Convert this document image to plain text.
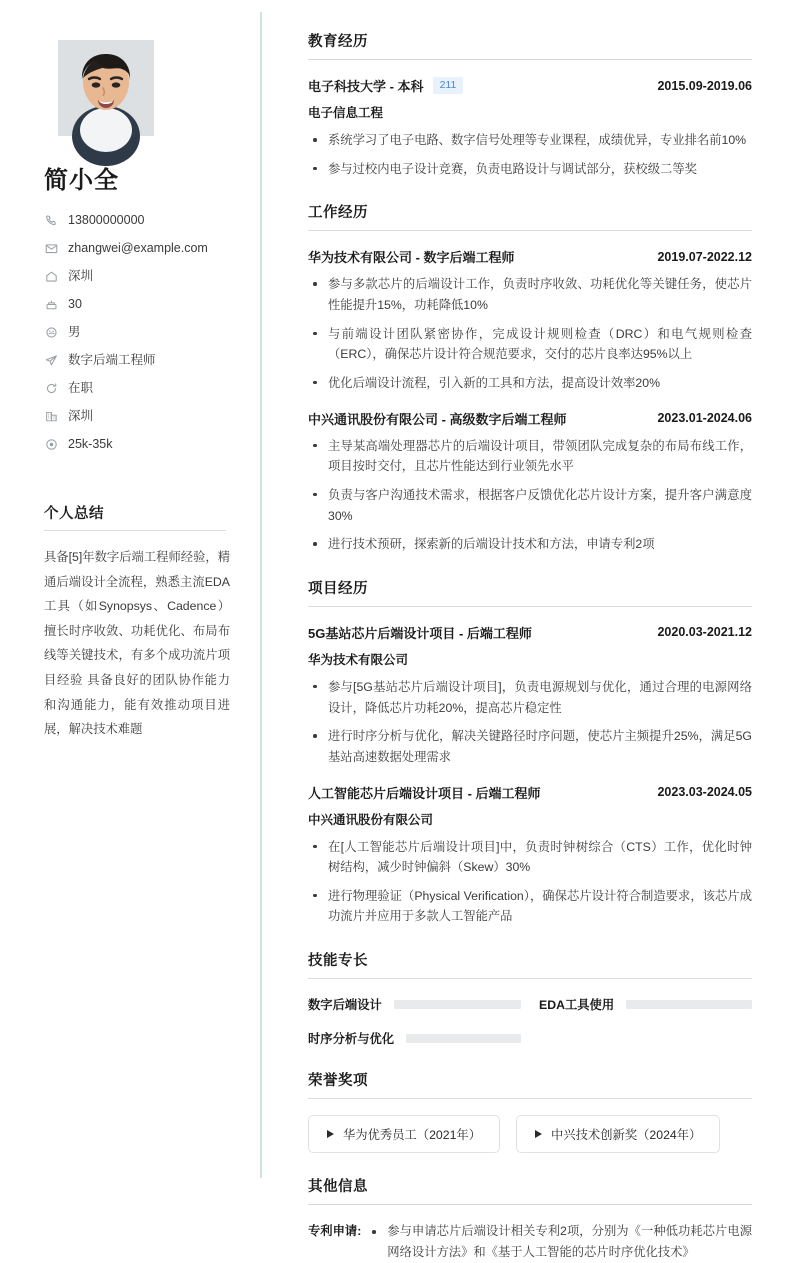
简小全
13800000000
zhangwei@example.com
深圳
30
男
数字后端工程师
在职
深圳
25k-35k
个人总结

具备[5]年数字后端工程师经验，精通后端设计全流程，熟悉主流EDA工具（如Synopsys、Cadence）擅长时序收敛、功耗优化、布局布线等关键技术，有多个成功流片项目经验 具备良好的团队协作能力和沟通能力，能有效推动项目进展，解决技术难题

教育经历
电子科技大学 - 本科	211	2015.09-2019.06
电子信息工程
系统学习了电子电路、数字信号处理等专业课程，成绩优异，专业排名前10%
参与过校内电子设计竞赛，负责电路设计与调试部分，获校级二等奖
工作经历
华为技术有限公司 - 数字后端工程师	2019.07-2022.12
参与多款芯片的后端设计工作，负责时序收敛、功耗优化等关键任务，使芯片性能提升15%，功耗降低10%
与前端设计团队紧密协作，完成设计规则检查（DRC）和电气规则检查（ERC），确保芯片设计符合规范要求，交付的芯片良率达95%以上
优化后端设计流程，引入新的工具和方法，提高设计效率20%
中兴通讯股份有限公司 - 高级数字后端工程师	2023.01-2024.06
主导某高端处理器芯片的后端设计项目，带领团队完成复杂的布局布线工作，项目按时交付，且芯片性能达到行业领先水平
负责与客户沟通技术需求，根据客户反馈优化芯片设计方案，提升客户满意度30%
进行技术预研，探索新的后端设计技术和方法，申请专利2项
项目经历
5G基站芯片后端设计项目 - 后端工程师	2020.03-2021.12
华为技术有限公司
参与[5G基站芯片后端设计项目]，负责电源规划与优化，通过合理的电源网络设计，降低芯片功耗20%，提高芯片稳定性
进行时序分析与优化，解决关键路径时序问题，使芯片主频提升25%，满足5G基站高速数据处理需求
人工智能芯片后端设计项目 - 后端工程师	2023.03-2024.05
中兴通讯股份有限公司
在[人工智能芯片后端设计项目]中，负责时钟树综合（CTS）工作，优化时钟树结构，减少时钟偏斜（Skew）30%
进行物理验证（Physical Verification），确保芯片设计符合制造要求，该芯片成功流片并应用于多款人工智能产品
技能专长
数字后端设计	EDA工具使用
时序分析与优化
荣誉奖项
华为优秀员工（2021年）	中兴技术创新奖（2024年）
其他信息
专利申请:	参与申请芯片后端设计相关专利2项，分别为《一种低功耗芯片电源网络设计方法》和《基于人工智能的芯片时序优化技术》
